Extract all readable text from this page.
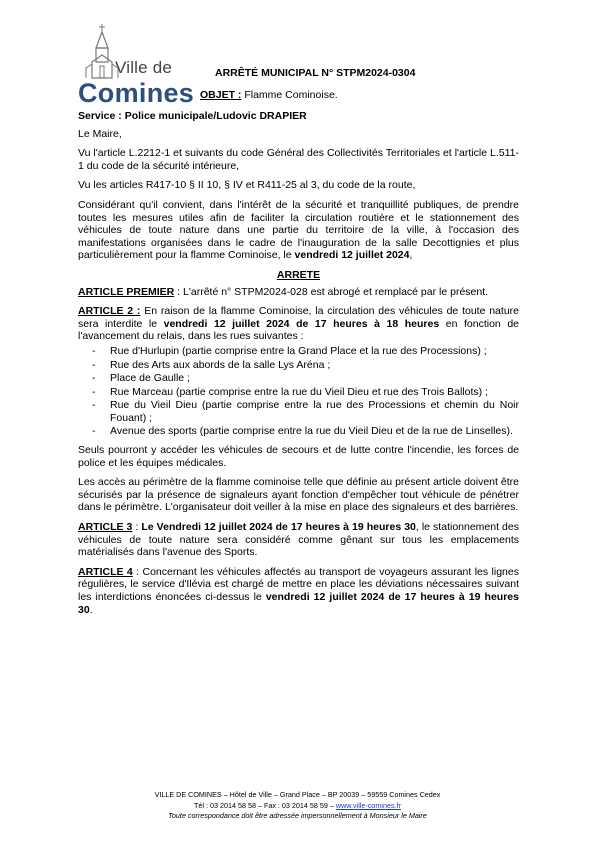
Ville de
Comines
ARRÊTÉ MUNICIPAL N° STPM2024-0304
OBJET : Flamme Cominoise.

Service : Police municipale/Ludovic DRAPIER

Le Maire,

Vu l'article L.2212-1 et suivants du code Général des Collectivités Territoriales et l'article L.511-1 du code de la sécurité intérieure,

Vu les articles R417-10 § II 10, § IV et R411-25 al 3, du code de la route,

Considérant qu'il convient, dans l'intérêt de la sécurité et tranquillité publiques, de prendre toutes les mesures utiles afin de faciliter la circulation routière et le stationnement des véhicules de toute nature dans une partie du territoire de la ville, à l'occasion des manifestations organisées dans le cadre de l'inauguration de la salle Decottignies et plus particulièrement pour la flamme Cominoise, le vendredi 12 juillet 2024,

ARRETE

ARTICLE PREMIER : L'arrêté n° STPM2024-028 est abrogé et remplacé par le présent.

ARTICLE 2 : En raison de la flamme Cominoise, la circulation des véhicules de toute nature sera interdite le vendredi 12 juillet 2024 de 17 heures à 18 heures en fonction de l'avancement du relais, dans les rues suivantes :

- Rue d'Hurlupin (partie comprise entre la Grand Place et la rue des Processions) ;
- Rue des Arts aux abords de la salle Lys Aréna ;
- Place de Gaulle ;
- Rue Marceau (partie comprise entre la rue du Vieil Dieu et rue des Trois Ballots) ;
- Rue du Vieil Dieu (partie comprise entre la rue des Processions et chemin du Noir Fouant) ;
- Avenue des sports (partie comprise entre la rue du Vieil Dieu et de la rue de Linselles).

Seuls pourront y accéder les véhicules de secours et de lutte contre l'incendie, les forces de police et les équipes médicales.

Les accès au périmètre de la flamme cominoise telle que définie au présent article doivent être sécurisés par la présence de signaleurs ayant fonction d'empêcher tout véhicule de pénétrer dans le périmètre. L'organisateur doit veiller à la mise en place des signaleurs et des barrières.

ARTICLE 3 : Le Vendredi 12 juillet 2024 de 17 heures à 19 heures 30, le stationnement des véhicules de toute nature sera considéré comme gênant sur tous les emplacements matérialisés dans l'avenue des Sports.

ARTICLE 4 : Concernant les véhicules affectés au transport de voyageurs assurant les lignes régulières, le service d'Ilévia est chargé de mettre en place les déviations nécessaires suivant les interdictions énoncées ci-dessus le vendredi 12 juillet 2024 de 17 heures à 19 heures 30.

VILLE DE COMINES – Hôtel de Ville – Grand Place – BP 20039 – 59559 Comines Cedex
Tél : 03 2014 58 58 – Fax : 03 2014 58 59 – www.ville-comines.fr
Toute correspondance doit être adressée impersonnellement à Monsieur le Maire
